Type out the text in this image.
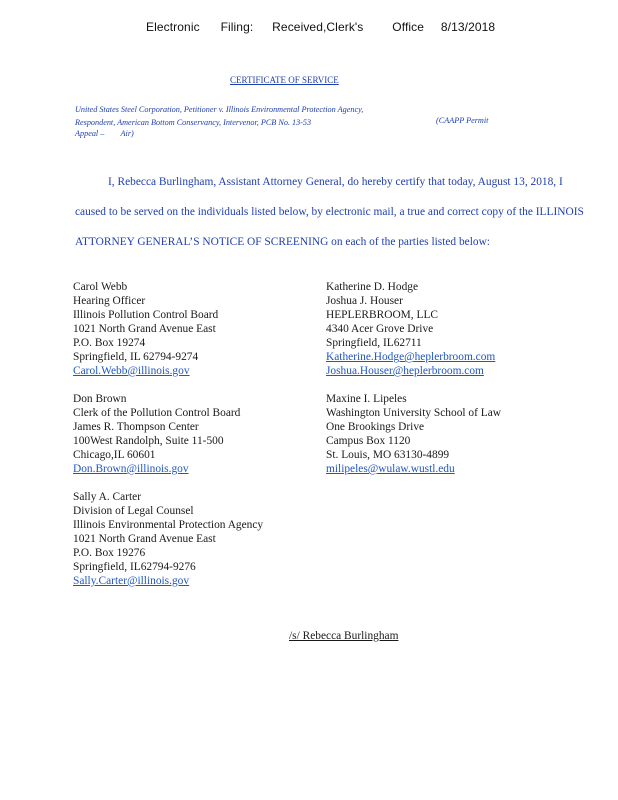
Electronic Filing: Received,Clerk's Office 8/13/2018
CERTIFICATE OF SERVICE
United States Steel Corporation, Petitioner v. Illinois Environmental Protection Agency,
Respondent, American Bottom Conservancy, Intervenor, PCB No. 13-53	(CAAPP Permit
Appeal –        Air)
I, Rebecca Burlingham, Assistant Attorney General, do hereby certify that today, August 13, 2018, I caused to be served on the individuals listed below, by electronic mail, a true and correct copy of the ILLINOIS ATTORNEY GENERAL’S NOTICE OF SCREENING on each of the parties listed below:
Carol Webb
Hearing Officer
Illinois Pollution Control Board
1021 North Grand Avenue East
P.O. Box 19274
Springfield, IL 62794-9274
Carol.Webb@illinois.gov
Katherine D. Hodge
Joshua J. Houser
HEPLERBROOM, LLC
4340 Acer Grove Drive
Springfield, IL62711
Katherine.Hodge@heplerbroom.com
Joshua.Houser@heplerbroom.com
Don Brown
Clerk of the Pollution Control Board
James R. Thompson Center
100West Randolph, Suite 11-500
Chicago,IL 60601
Don.Brown@illinois.gov
Maxine I. Lipeles
Washington University School of Law
One Brookings Drive
Campus Box 1120
St. Louis, MO 63130-4899
milipeles@wulaw.wustl.edu
Sally A. Carter
Division of Legal Counsel
Illinois Environmental Protection Agency
1021 North Grand Avenue East
P.O. Box 19276
Springfield, IL62794-9276
Sally.Carter@illinois.gov
/s/ Rebecca Burlingham
